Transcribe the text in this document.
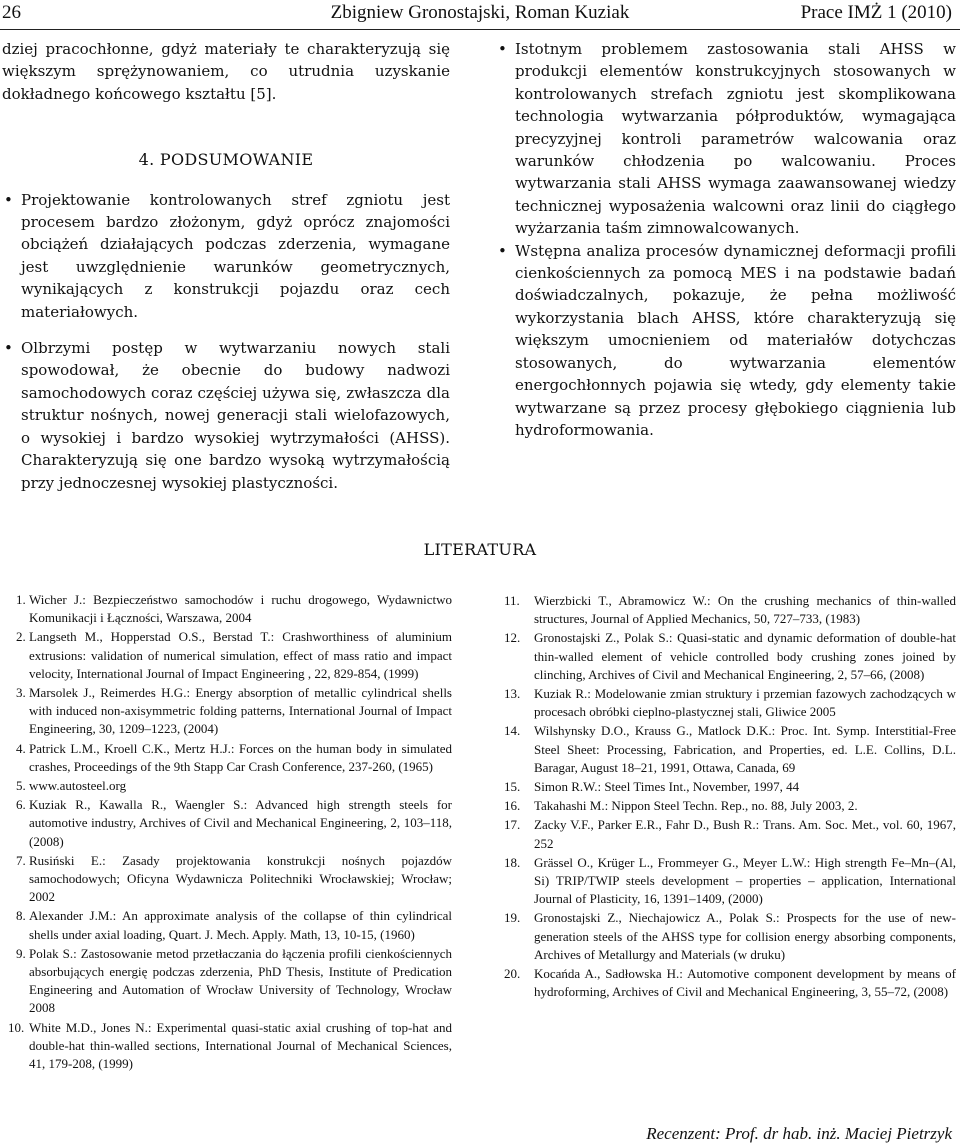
26	Zbigniew Gronostajski, Roman Kuziak	Prace IMŻ 1 (2010)

dziej pracochłonne, gdyż materiały te charakteryzują się większym sprężynowaniem, co utrudnia uzyskanie dokładnego końcowego kształtu [5].

4. PODSUMOWANIE
• Projektowanie kontrolowanych stref zgniotu jest procesem bardzo złożonym, gdyż oprócz znajomości obciążeń działających podczas zderzenia, wymagane jest uwzględnienie warunków geometrycznych, wynikających z konstrukcji pojazdu oraz cech materiałowych.
• Olbrzymi postęp w wytwarzaniu nowych stali spowodował, że obecnie do budowy nadwozi samochodowych coraz częściej używa się, zwłaszcza dla struktur nośnych, nowej generacji stali wielofazowych, o wysokiej i bardzo wysokiej wytrzymałości (AHSS). Charakteryzują się one bardzo wysoką wytrzymałością przy jednoczesnej wysokiej plastyczności.
• Istotnym problemem zastosowania stali AHSS w produkcji elementów konstrukcyjnych stosowanych w kontrolowanych strefach zgniotu jest skomplikowana technologia wytwarzania półproduktów, wymagająca precyzyjnej kontroli parametrów walcowania oraz warunków chłodzenia po walcowaniu. Proces wytwarzania stali AHSS wymaga zaawansowanej wiedzy technicznej wyposażenia walcowni oraz linii do ciągłego wyżarzania taśm zimnowalcowanych.
• Wstępna analiza procesów dynamicznej deformacji profili cienkościennych za pomocą MES i na podstawie badań doświadczalnych, pokazuje, że pełna możliwość wykorzystania blach AHSS, które charakteryzują się większym umocnieniem od materiałów dotychczas stosowanych, do wytwarzania elementów energochłonnych pojawia się wtedy, gdy elementy takie wytwarzane są przez procesy głębokiego ciągnienia lub hydroformowania.
LITERATURA
1. Wicher J.: Bezpieczeństwo samochodów i ruchu drogowego, Wydawnictwo Komunikacji i Łączności, Warszawa, 2004
2. Langseth M., Hopperstad O.S., Berstad T.: Crashworthiness of aluminium extrusions: validation of numerical simulation, effect of mass ratio and impact velocity, International Journal of Impact Engineering , 22, 829-854, (1999)
3. Marsolek J., Reimerdes H.G.: Energy absorption of metallic cylindrical shells with induced non-axisymmetric folding patterns, International Journal of Impact Engineering, 30, 1209–1223, (2004)
4. Patrick L.M., Kroell C.K., Mertz H.J.: Forces on the human body in simulated crashes, Proceedings of the 9th Stapp Car Crash Conference, 237-260, (1965)
5. www.autosteel.org
6. Kuziak R., Kawalla R., Waengler S.: Advanced high strength steels for automotive industry, Archives of Civil and Mechanical Engineering, 2, 103–118, (2008)
7. Rusiński E.: Zasady projektowania konstrukcji nośnych pojazdów samochodowych; Oficyna Wydawnicza Politechniki Wrocławskiej; Wrocław; 2002
8. Alexander J.M.: An approximate analysis of the collapse of thin cylindrical shells under axial loading, Quart. J. Mech. Apply. Math, 13, 10-15, (1960)
9. Polak S.: Zastosowanie metod przetłaczania do łączenia profili cienkościennych absorbujących energię podczas zderzenia, PhD Thesis, Institute of Predication Engineering and Automation of Wrocław University of Technology, Wrocław 2008
10. White M.D., Jones N.: Experimental quasi-static axial crushing of top-hat and double-hat thin-walled sections, International Journal of Mechanical Sciences, 41, 179-208, (1999)
11. Wierzbicki T., Abramowicz W.: On the crushing mechanics of thin-walled structures, Journal of Applied Mechanics, 50, 727–733, (1983)
12. Gronostajski Z., Polak S.: Quasi-static and dynamic deformation of double-hat thin-walled element of vehicle controlled body crushing zones joined by clinching, Archives of Civil and Mechanical Engineering, 2, 57–66, (2008)
13. Kuziak R.: Modelowanie zmian struktury i przemian fazowych zachodzących w procesach obróbki cieplno-plastycznej stali, Gliwice 2005
14. Wilshynsky D.O., Krauss G., Matlock D.K.: Proc. Int. Symp. Interstitial-Free Steel Sheet: Processing, Fabrication, and Properties, ed. L.E. Collins, D.L. Baragar, August 18–21, 1991, Ottawa, Canada, 69
15. Simon R.W.: Steel Times Int., November, 1997, 44
16. Takahashi M.: Nippon Steel Techn. Rep., no. 88, July 2003, 2.
17. Zacky V.F., Parker E.R., Fahr D., Bush R.: Trans. Am. Soc. Met., vol. 60, 1967, 252
18. Grässel O., Krüger L., Frommeyer G., Meyer L.W.: High strength Fe–Mn–(Al, Si) TRIP/TWIP steels development – properties – application, International Journal of Plasticity, 16, 1391–1409, (2000)
19. Gronostajski Z., Niechajowicz A., Polak S.: Prospects for the use of new-generation steels of the AHSS type for collision energy absorbing components, Archives of Metallurgy and Materials (w druku)
20. Kocańda A., Sadłowska H.: Automotive component development by means of hydroforming, Archives of Civil and Mechanical Engineering, 3, 55–72, (2008)
Recenzent: Prof. dr hab. inż. Maciej Pietrzyk
